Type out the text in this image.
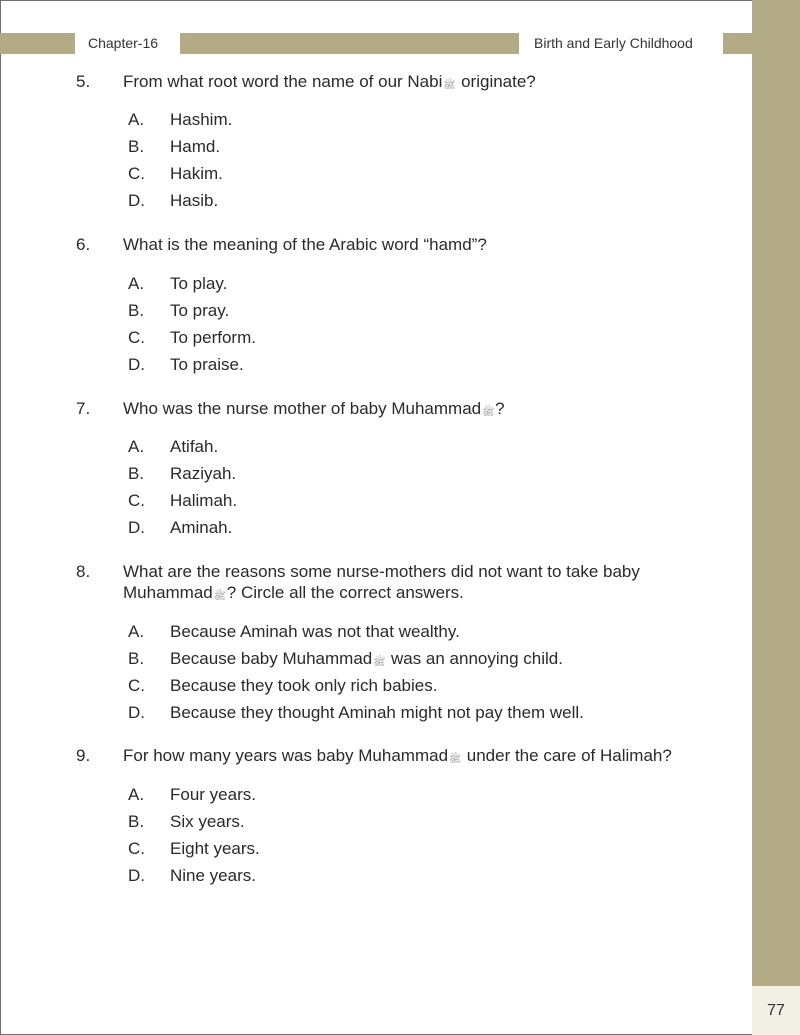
77
Chapter-16	Birth and Early Childhood
5. From what root word the name of our Nabiﷺ originate?
A. Hashim.
B. Hamd.
C. Hakim.
D. Hasib.
6. What is the meaning of the Arabic word “hamd”?
A. To play.
B. To pray.
C. To perform.
D. To praise.
7. Who was the nurse mother of baby Muhammadﷺ?
A. Atifah.
B. Raziyah.
C. Halimah.
D. Aminah.
8. What are the reasons some nurse-mothers did not want to take baby
Muhammadﷺ? Circle all the correct answers.
A. Because Aminah was not that wealthy.
B. Because baby Muhammadﷺ was an annoying child.
C. Because they took only rich babies.
D. Because they thought Aminah might not pay them well.
9. For how many years was baby Muhammadﷺ under the care of Halimah?
A. Four years.
B. Six years.
C. Eight years.
D. Nine years.
